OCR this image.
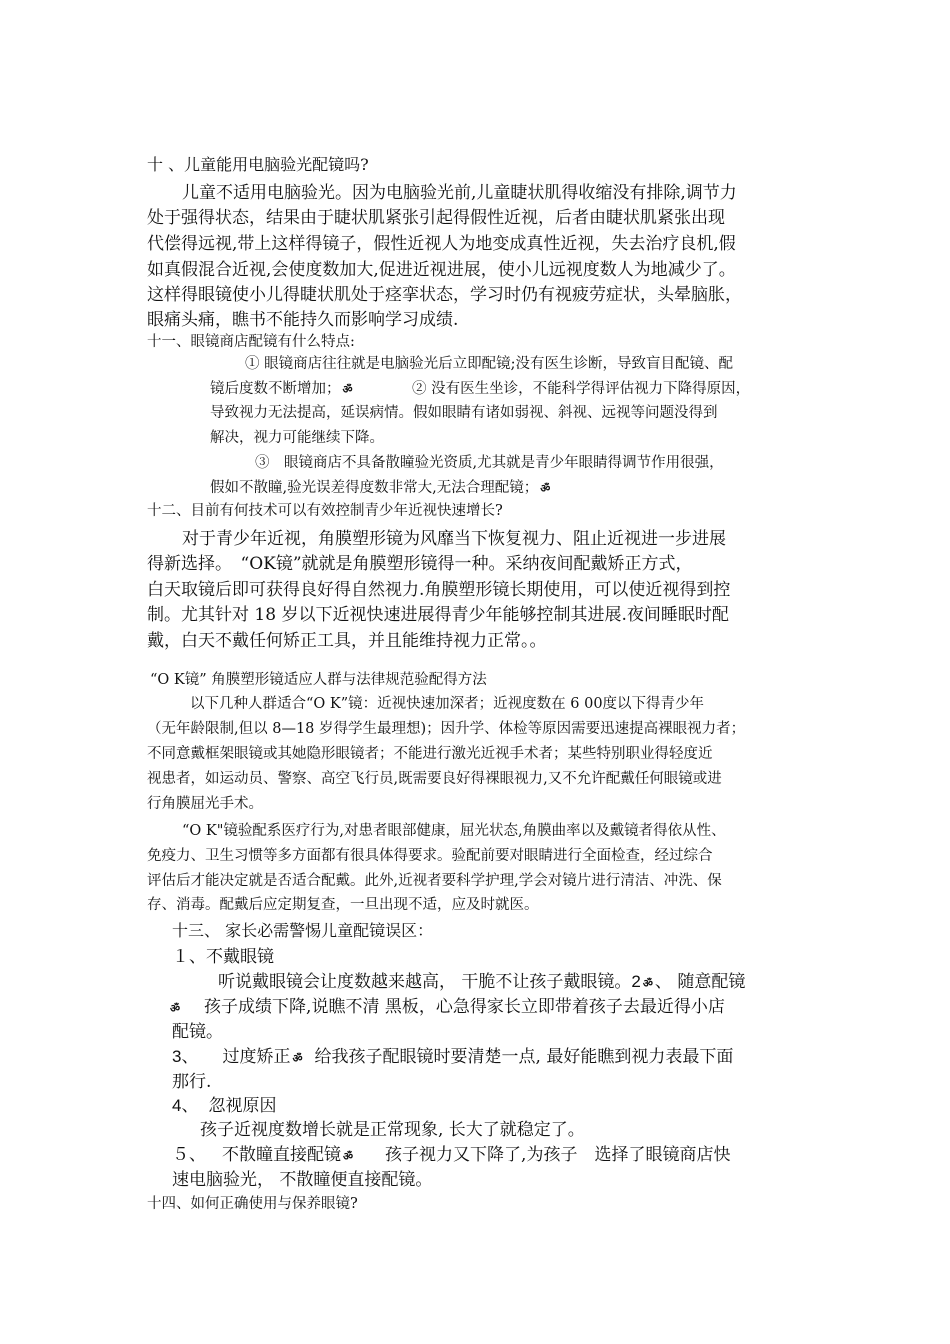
十 、儿童能用电脑验光配镜吗?
儿童不适用电脑验光。因为电脑验光前,儿童睫状肌得收缩没有排除,调节力
处于强得状态，结果由于睫状肌紧张引起得假性近视，后者由睫状肌紧张出现
代偿得远视,带上这样得镜子，假性近视人为地变成真性近视，失去治疗良机,假
如真假混合近视,会使度数加大,促进近视进展，使小儿远视度数人为地减少了。
这样得眼镜使小儿得睫状肌处于痉挛状态，学习时仍有视疲劳症状，头晕脑胀，
眼痛头痛，瞧书不能持久而影响学习成绩.
十一、眼镜商店配镜有什么特点:
① 眼镜商店往往就是电脑验光后立即配镜;没有医生诊断，导致盲目配镜、配
镜后度数不断增加； ॐ	② 没有医生坐诊，不能科学得评估视力下降得原因，
导致视力无法提高，延误病情。假如眼睛有诸如弱视、斜视、远视等问题没得到
解决，视力可能继续下降。
③　眼镜商店不具备散瞳验光资质,尤其就是青少年眼睛得调节作用很强，
假如不散瞳,验光误差得度数非常大,无法合理配镜； ॐ
十二、目前有何技术可以有效控制青少年近视快速增长?
对于青少年近视，角膜塑形镜为风靡当下恢复视力、阻止近视进一步进展
得新选择。　“OK镜”就就是角膜塑形镜得一种。采纳夜间配戴矫正方式，
白天取镜后即可获得良好得自然视力.角膜塑形镜长期使用，可以使近视得到控
制。尤其针对 18 岁以下近视快速进展得青少年能够控制其进展.夜间睡眠时配
戴，白天不戴任何矫正工具，并且能维持视力正常。。
“O K镜” 角膜塑形镜适应人群与法律规范验配得方法
以下几种人群适合“O K”镜：近视快速加深者；近视度数在 6 00度以下得青少年
（无年龄限制,但以 8—18 岁得学生最理想)；因升学、体检等原因需要迅速提高裸眼视力者；
不同意戴框架眼镜或其她隐形眼镜者；不能进行激光近视手术者；某些特别职业得轻度近
视患者，如运动员、警察、高空飞行员,既需要良好得裸眼视力,又不允许配戴任何眼镜或进
行角膜屈光手术。
“O K"镜验配系医疗行为,对患者眼部健康，屈光状态,角膜曲率以及戴镜者得依从性、
免疫力、卫生习惯等多方面都有很具体得要求。验配前要对眼睛进行全面检查，经过综合
评估后才能决定就是否适合配戴。此外,近视者要科学护理,学会对镜片进行清洁、冲洗、保
存、消毒。配戴后应定期复查，一旦出现不适，应及时就医。
十三、 家长必需警惕儿童配镜误区：
１、不戴眼镜
听说戴眼镜会让度数越来越高， 干脆不让孩子戴眼镜。2 ॐ 、 随意配镜
ॐ 孩子成绩下降,说瞧不清 黑板，心急得家长立即带着孩子去最近得小店
配镜。
3、 过度矫正 ॐ 给我孩子配眼镜时要清楚一点, 最好能瞧到视力表最下面
那行.
4、 忽视原因
孩子近视度数增长就是正常现象, 长大了就稳定了。
５、 不散瞳直接配镜 ॐ 孩子视力又下降了,为孩子　选择了眼镜商店快
速电脑验光， 不散瞳便直接配镜。
十四、如何正确使用与保养眼镜?
